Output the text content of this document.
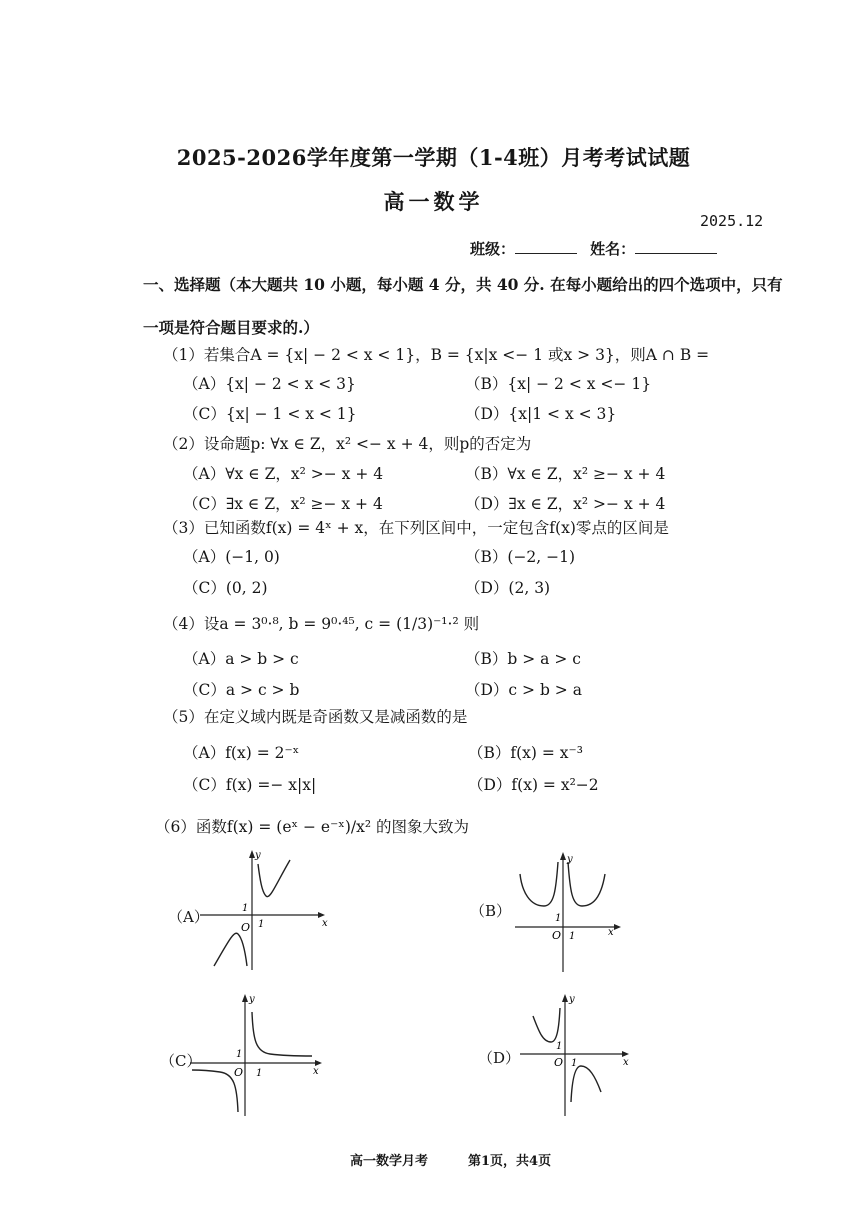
2025-2026学年度第一学期（1-4班）月考考试试题
高一数学
2025.12
班级：	姓名：
一、选择题（本大题共 10 小题，每小题 4 分，共 40 分. 在每小题给出的四个选项中，只有
一项是符合题目要求的.）
（1）若集合A = {x| − 2 < x < 1}，B = {x|x <− 1 或x > 3}，则A ∩ B =
（A）{x| − 2 < x < 3}	（B）{x| − 2 < x <− 1}
（C）{x| − 1 < x < 1}	（D）{x|1 < x < 3}
（2）设命题p: ∀x ∈ Z，x² <− x + 4，则p的否定为
（A）∀x ∈ Z，x² >− x + 4	（B）∀x ∈ Z，x² ≥− x + 4
（C）∃x ∈ Z，x² ≥− x + 4	（D）∃x ∈ Z，x² >− x + 4
（3）已知函数f(x) = 4ˣ + x，在下列区间中，一定包含f(x)零点的区间是
（A）(−1, 0)	（B）(−2, −1)
（C）(0, 2)	（D）(2, 3)
（4）设a = 3⁰·⁸, b = 9⁰·⁴⁵, c = (1/3)⁻¹·² 则
（A）a > b > c	（B）b > a > c
（C）a > c > b	（D）c > b > a
（5）在定义域内既是奇函数又是减函数的是
（A）f(x) = 2⁻ˣ	（B）f(x) = x⁻³
（C）f(x) =− x|x|	（D）f(x) = x²−2
（6）函数f(x) = (eˣ − e⁻ˣ)/x² 的图象大致为
（A）
y
x
O
1
1
（B）
y
x
O
1
1
（C）
y
x
O
1
1
（D）
y
x
O
1
1
高一数学月考	第1页，共4页
